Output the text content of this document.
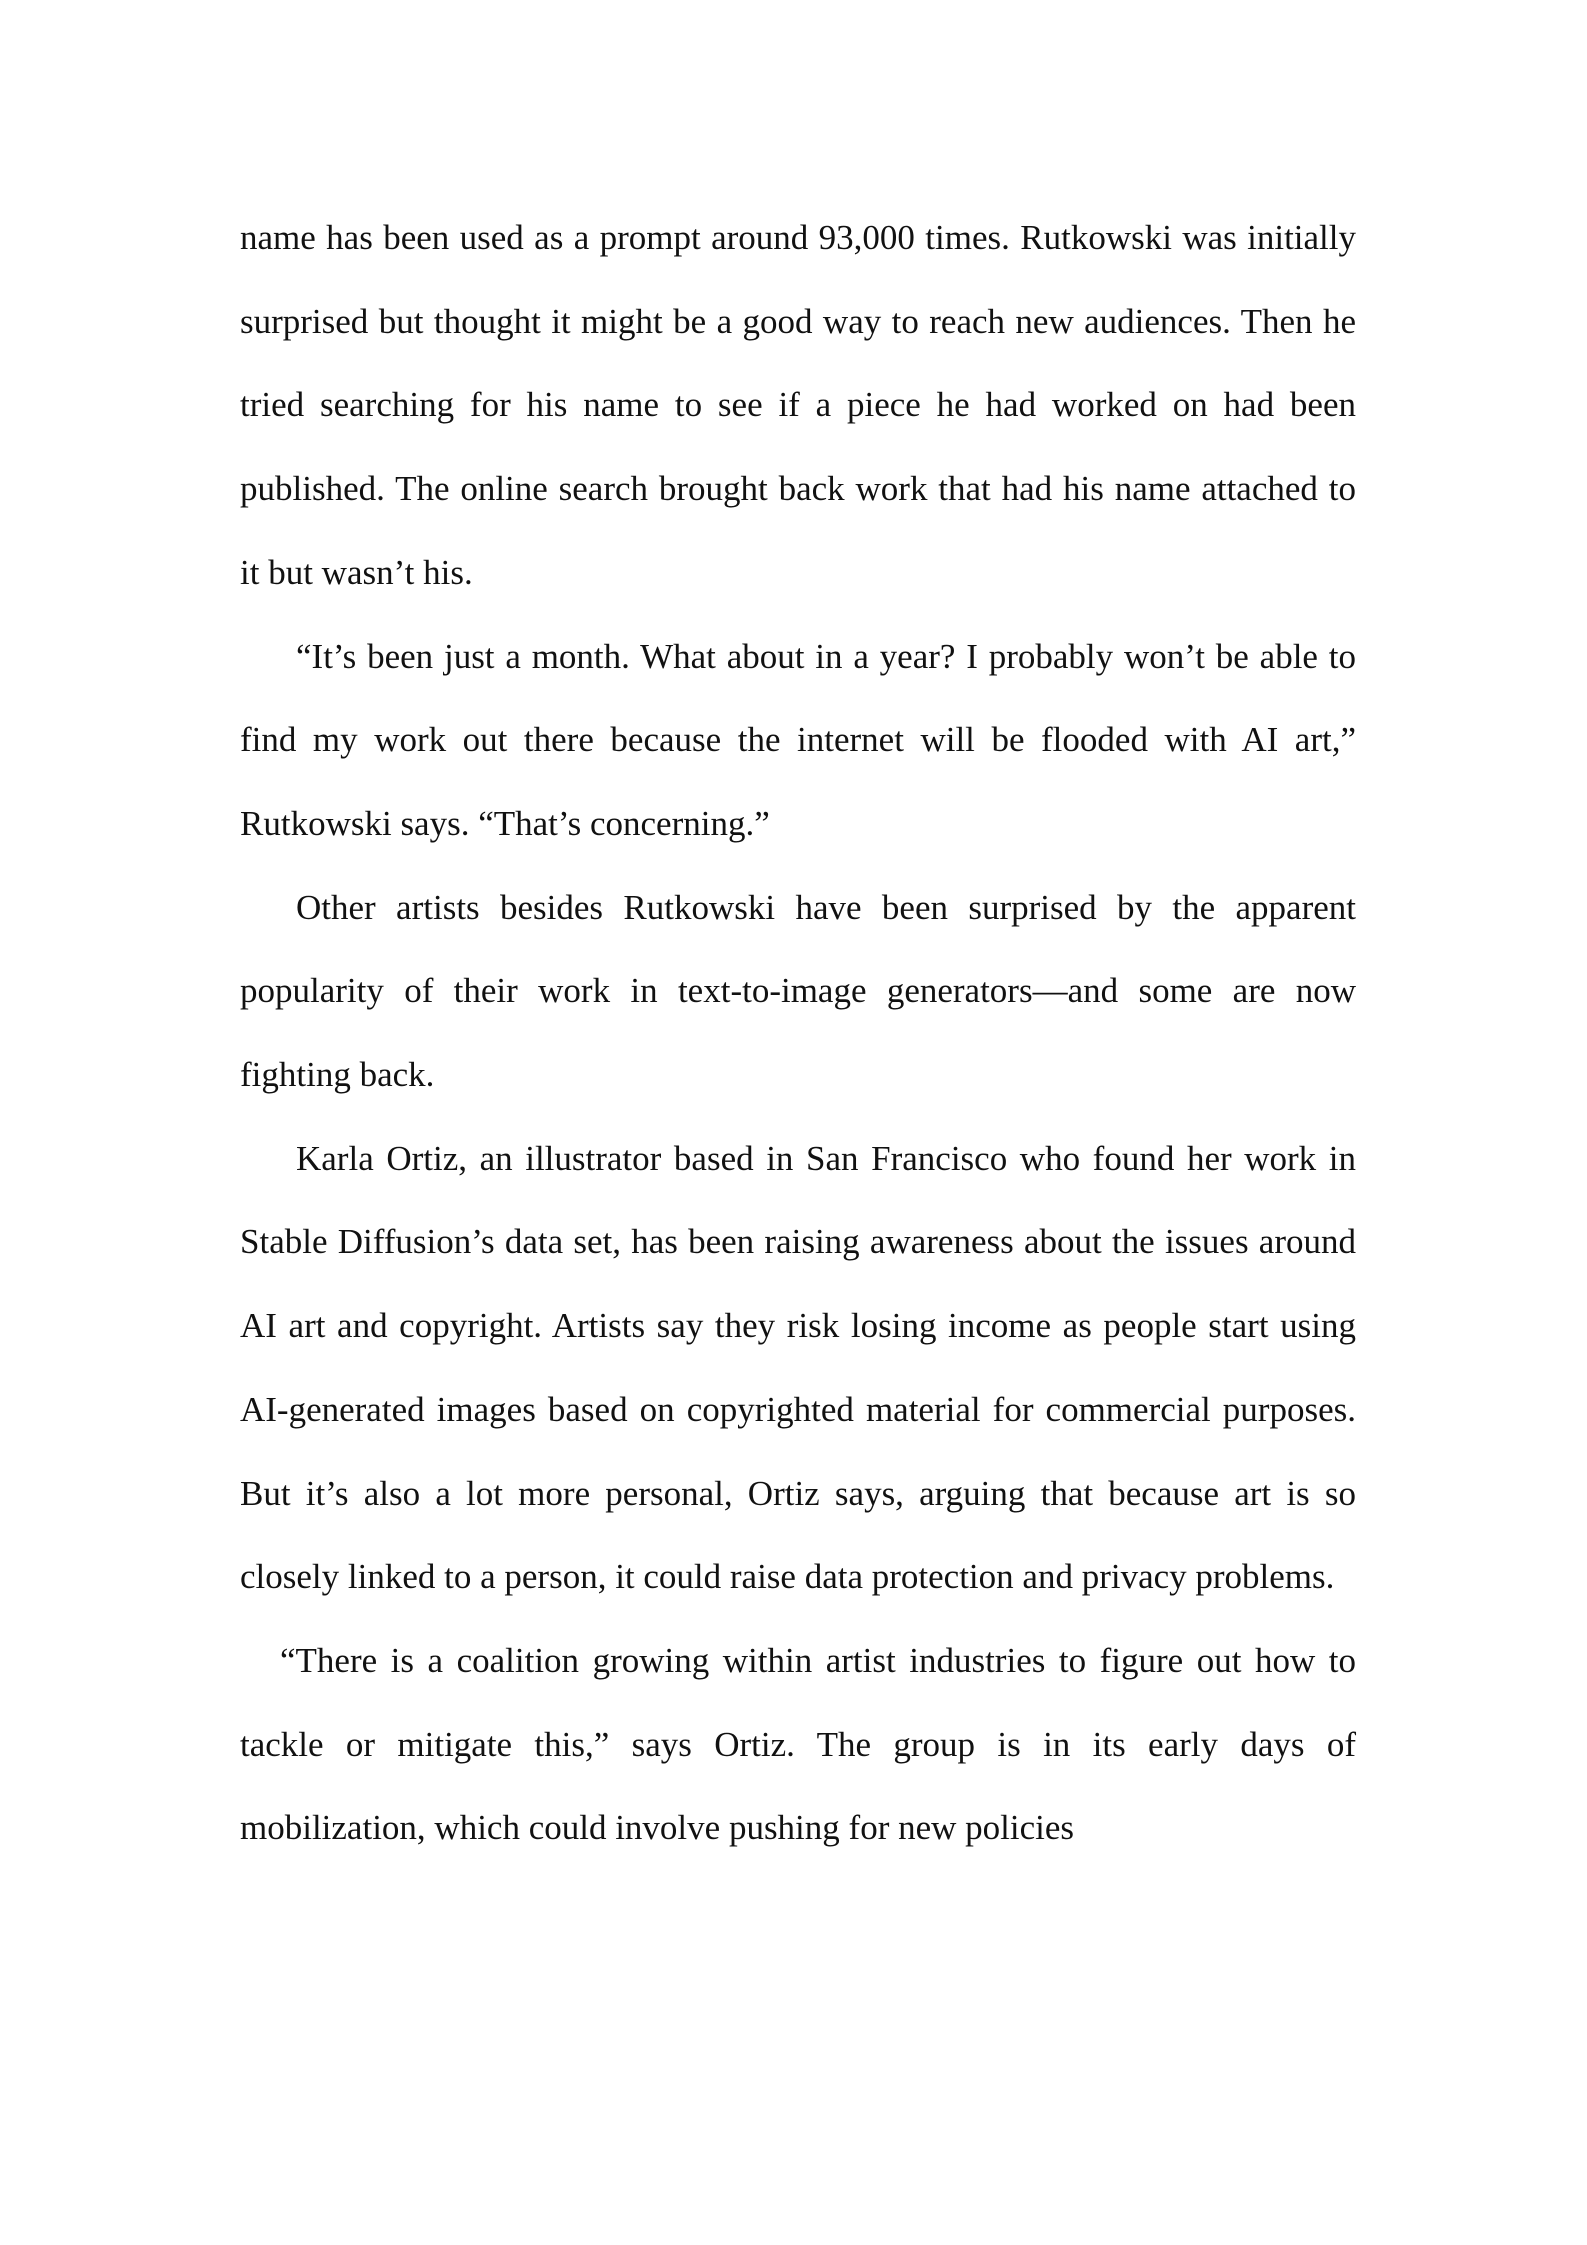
name has been used as a prompt around 93,000 times. Rutkowski was initially surprised but thought it might be a good way to reach new audiences. Then he tried searching for his name to see if a piece he had worked on had been published. The online search brought back work that had his name attached to it but wasn’t his.

“It’s been just a month. What about in a year? I probably won’t be able to find my work out there because the internet will be flooded with AI art,” Rutkowski says. “That’s concerning.”

Other artists besides Rutkowski have been surprised by the apparent popularity of their work in text-to-image generators—and some are now fighting back.

Karla Ortiz, an illustrator based in San Francisco who found her work in Stable Diffusion’s data set, has been raising awareness about the issues around AI art and copyright. Artists say they risk losing income as people start using AI-generated images based on copyrighted material for commercial purposes. But it’s also a lot more personal, Ortiz says, arguing that because art is so closely linked to a person, it could raise data protection and privacy problems.

“There is a coalition growing within artist industries to figure out how to tackle or mitigate this,” says Ortiz. The group is in its early days of mobilization, which could involve pushing for new policies
